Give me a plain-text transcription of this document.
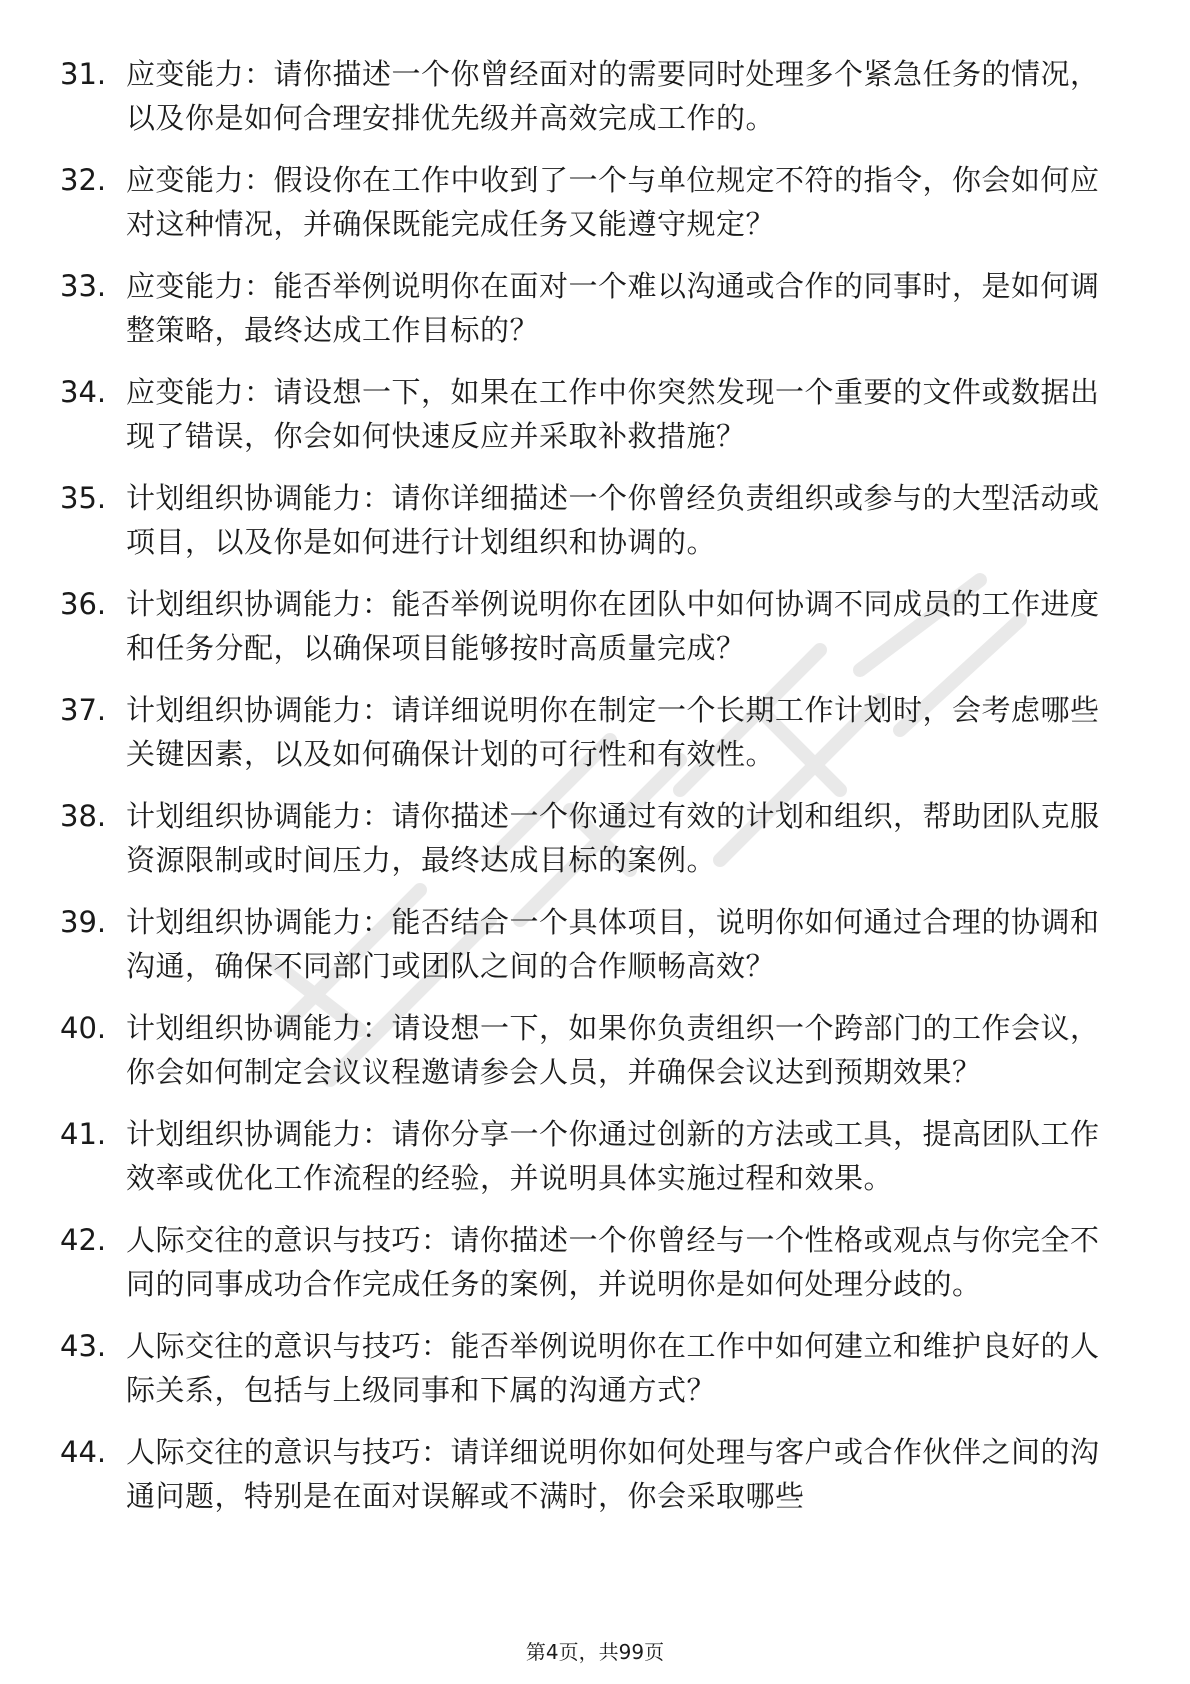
31. 应变能力：请你描述一个你曾经面对的需要同时处理多个紧急任务的情况，以及你是如何合理安排优先级并高效完成工作的。
32. 应变能力：假设你在工作中收到了一个与单位规定不符的指令，你会如何应对这种情况，并确保既能完成任务又能遵守规定？
33. 应变能力：能否举例说明你在面对一个难以沟通或合作的同事时，是如何调整策略，最终达成工作目标的？
34. 应变能力：请设想一下，如果在工作中你突然发现一个重要的文件或数据出现了错误，你会如何快速反应并采取补救措施？
35. 计划组织协调能力：请你详细描述一个你曾经负责组织或参与的大型活动或项目，以及你是如何进行计划组织和协调的。
36. 计划组织协调能力：能否举例说明你在团队中如何协调不同成员的工作进度和任务分配，以确保项目能够按时高质量完成？
37. 计划组织协调能力：请详细说明你在制定一个长期工作计划时，会考虑哪些关键因素，以及如何确保计划的可行性和有效性。
38. 计划组织协调能力：请你描述一个你通过有效的计划和组织，帮助团队克服资源限制或时间压力，最终达成目标的案例。
39. 计划组织协调能力：能否结合一个具体项目，说明你如何通过合理的协调和沟通，确保不同部门或团队之间的合作顺畅高效？
40. 计划组织协调能力：请设想一下，如果你负责组织一个跨部门的工作会议，你会如何制定会议议程邀请参会人员，并确保会议达到预期效果？
41. 计划组织协调能力：请你分享一个你通过创新的方法或工具，提高团队工作效率或优化工作流程的经验，并说明具体实施过程和效果。
42. 人际交往的意识与技巧：请你描述一个你曾经与一个性格或观点与你完全不同的同事成功合作完成任务的案例，并说明你是如何处理分歧的。
43. 人际交往的意识与技巧：能否举例说明你在工作中如何建立和维护良好的人际关系，包括与上级同事和下属的沟通方式？
44. 人际交往的意识与技巧：请详细说明你如何处理与客户或合作伙伴之间的沟通问题，特别是在面对误解或不满时，你会采取哪些
第4页，共99页
